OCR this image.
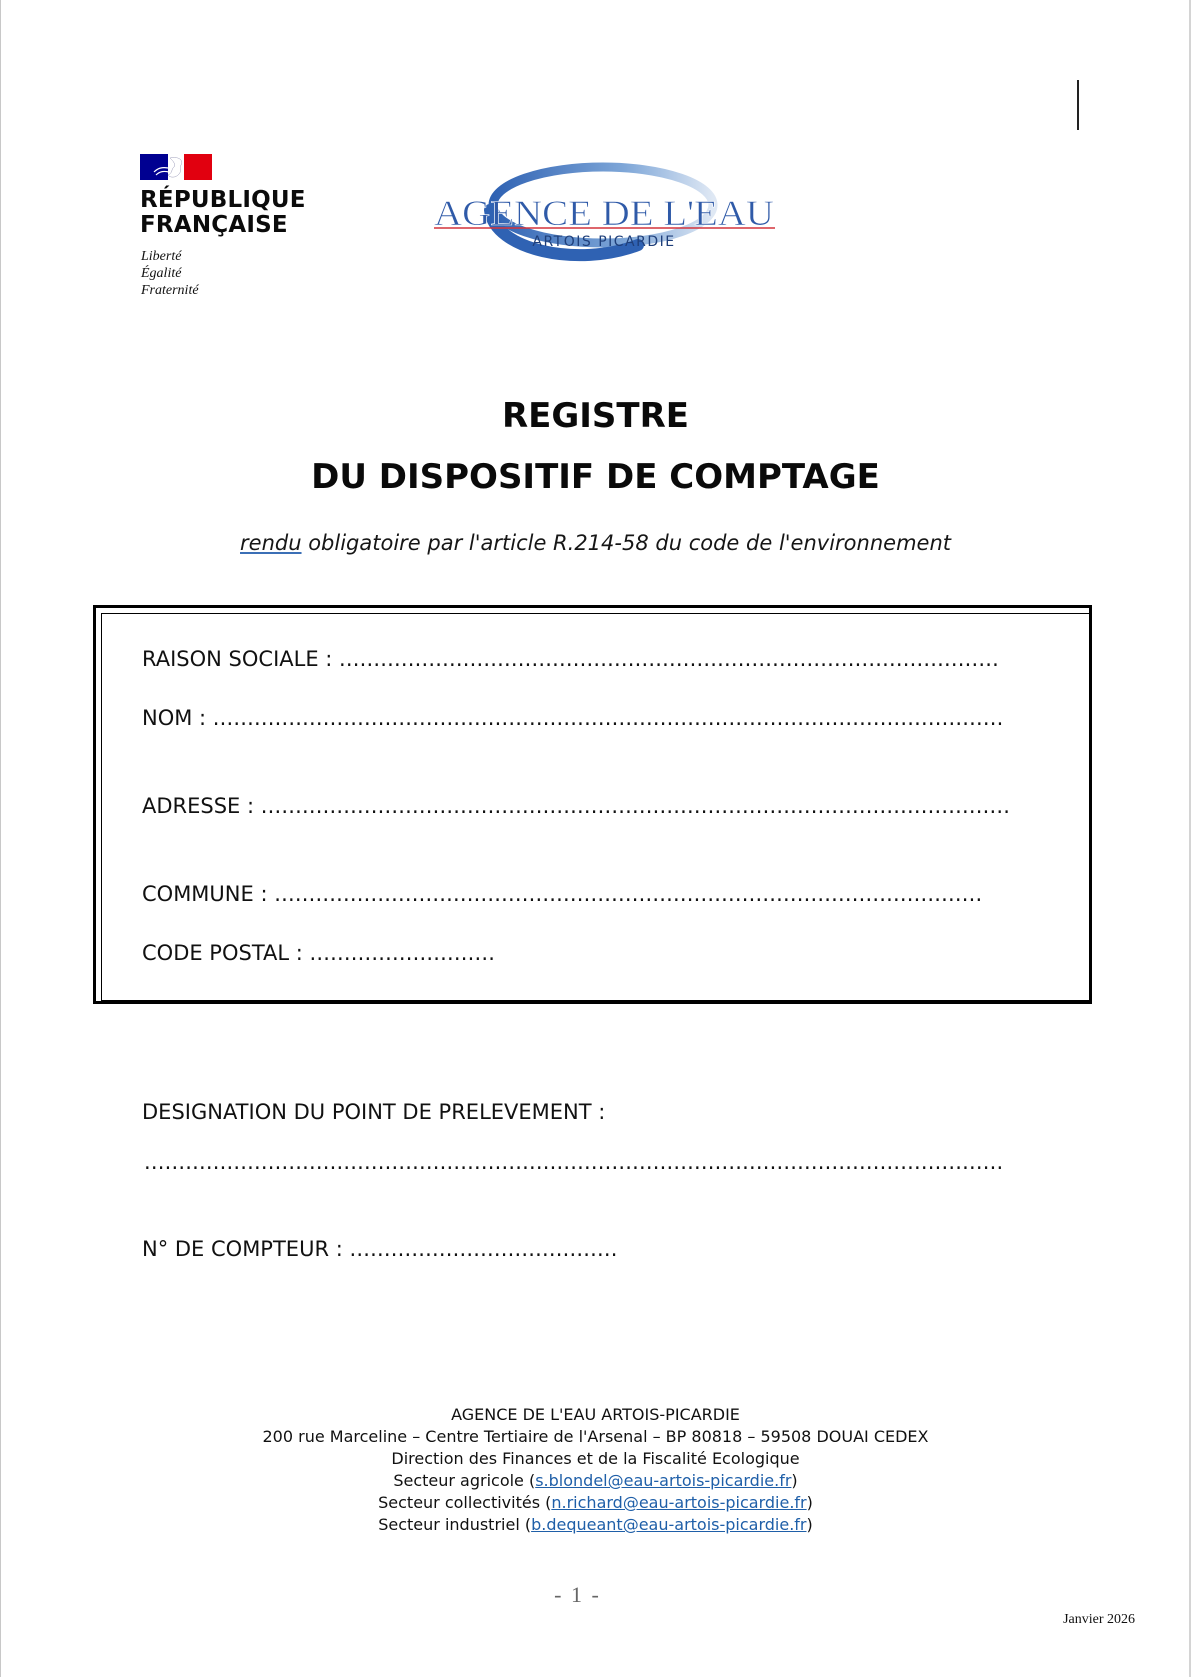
RÉPUBLIQUE
FRANÇAISE
Liberté
Égalité
Fraternité
AGENCE DE L'EAU
ARTOIS PICARDIE
REGISTRE
DU DISPOSITIF DE COMPTAGE
rendu obligatoire par l'article R.214-58 du code de l'environnement
RAISON SOCIALE : ................................................................................................
NOM : ...................................................................................................................
ADRESSE : .............................................................................................................
COMMUNE : .......................................................................................................
CODE POSTAL : ...........................
DESIGNATION DU POINT DE PRELEVEMENT :
.............................................................................................................................
N° DE COMPTEUR : .......................................
AGENCE DE L'EAU ARTOIS-PICARDIE
200 rue Marceline – Centre Tertiaire de l'Arsenal – BP 80818 – 59508 DOUAI CEDEX
Direction des Finances et de la Fiscalité Ecologique
Secteur agricole (s.blondel@eau-artois-picardie.fr)
Secteur collectivités (n.richard@eau-artois-picardie.fr)
Secteur industriel (b.dequeant@eau-artois-picardie.fr)
- 1 -
Janvier 2026
